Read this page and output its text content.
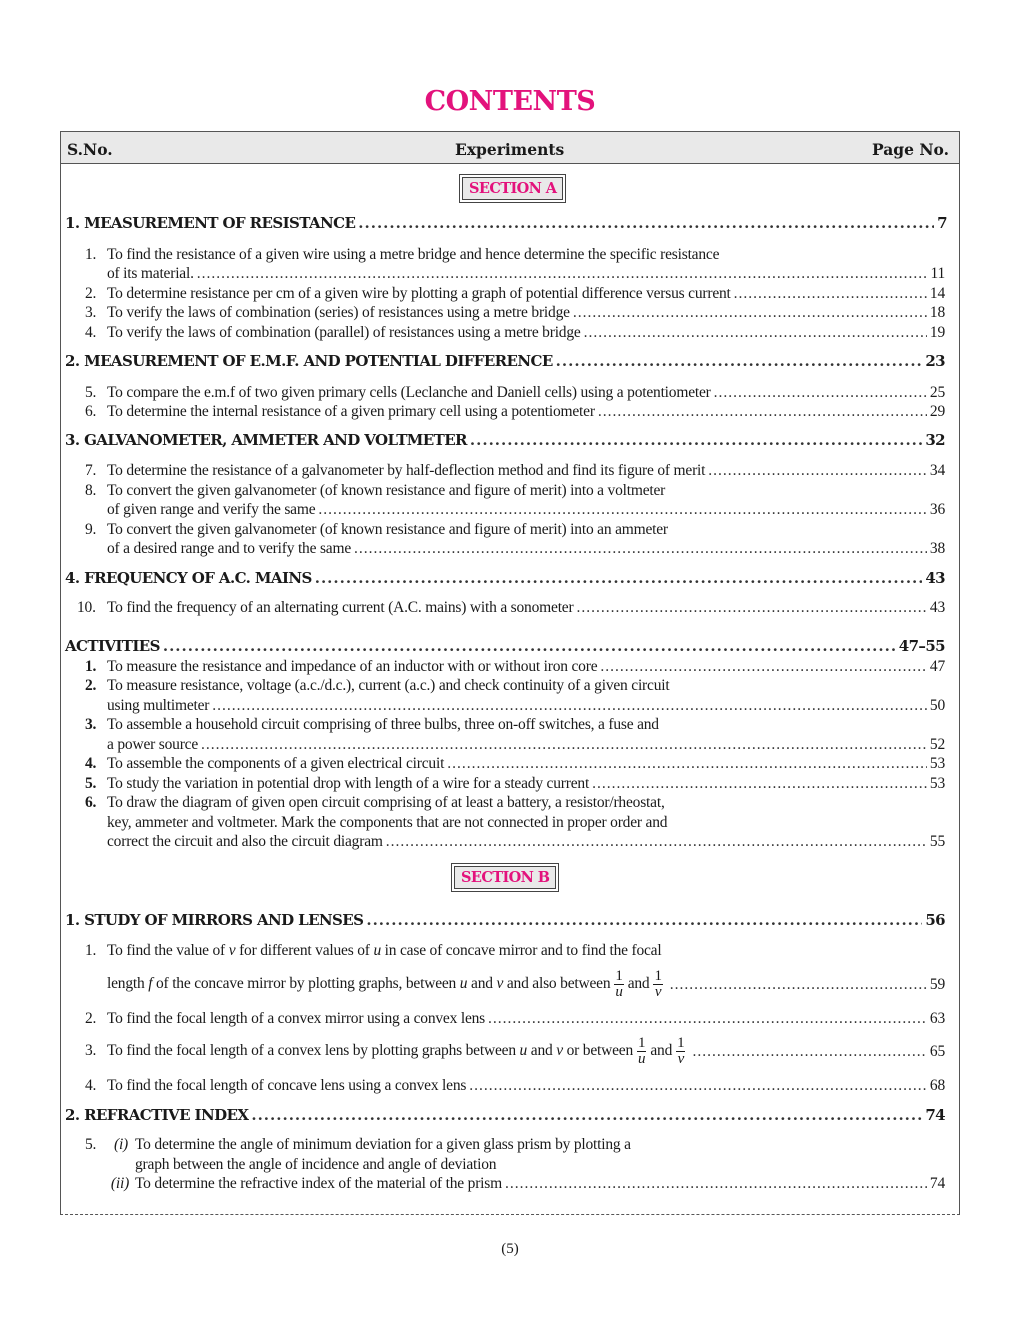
CONTENTS
S.No.	Experiments	Page No.
SECTION A
1. MEASUREMENT OF RESISTANCE .....	7
1. To find the resistance of a given wire using a metre bridge and hence determine the specific resistance
of its material. .....	11
2. To determine resistance per cm of a given wire by plotting a graph of potential difference versus current .....	14
3. To verify the laws of combination (series) of resistances using a metre bridge .....	18
4. To verify the laws of combination (parallel) of resistances using a metre bridge .....	19
2. MEASUREMENT OF E.M.F. AND POTENTIAL DIFFERENCE .....	23
5. To compare the e.m.f of two given primary cells (Leclanche and Daniell cells) using a potentiometer .....	25
6. To determine the internal resistance of a given primary cell using a potentiometer .....	29
3. GALVANOMETER, AMMETER AND VOLTMETER .....	32
7. To determine the resistance of a galvanometer by half-deflection method and find its figure of merit .....	34
8. To convert the given galvanometer (of known resistance and figure of merit) into a voltmeter
of given range and verify the same .....	36
9. To convert the given galvanometer (of known resistance and figure of merit) into an ammeter
of a desired range and to verify the same .....	38
4. FREQUENCY OF A.C. MAINS .....	43
10. To find the frequency of an alternating current (A.C. mains) with a sonometer .....	43
ACTIVITIES .....	47–55
1. To measure the resistance and impedance of an inductor with or without iron core .....	47
2. To measure resistance, voltage (a.c./d.c.), current (a.c.) and check continuity of a given circuit
using multimeter .....	50
3. To assemble a household circuit comprising of three bulbs, three on-off switches, a fuse and
a power source .....	52
4. To assemble the components of a given electrical circuit .....	53
5. To study the variation in potential drop with length of a wire for a steady current .....	53
6. To draw the diagram of given open circuit comprising of at least a battery, a resistor/rheostat,
key, ammeter and voltmeter. Mark the components that are not connected in proper order and
correct the circuit and also the circuit diagram .....	55
SECTION B
1. STUDY OF MIRRORS AND LENSES .....	56
1. To find the value of v for different values of u in case of concave mirror and to find the focal
length f of the concave mirror by plotting graphs, between u and v and also between $\frac{1}{u}$ and $\frac{1}{v}$ .....	59
2. To find the focal length of a convex mirror using a convex lens .....	63
3. To find the focal length of a convex lens by plotting graphs between u and v or between $\frac{1}{u}$ and $\frac{1}{v}$ .....	65
4. To find the focal length of concave lens using a convex lens .....	68
2. REFRACTIVE INDEX .....	74
5. (i) To determine the angle of minimum deviation for a given glass prism by plotting a
graph between the angle of incidence and angle of deviation
(ii) To determine the refractive index of the material of the prism .....	74
(5)
